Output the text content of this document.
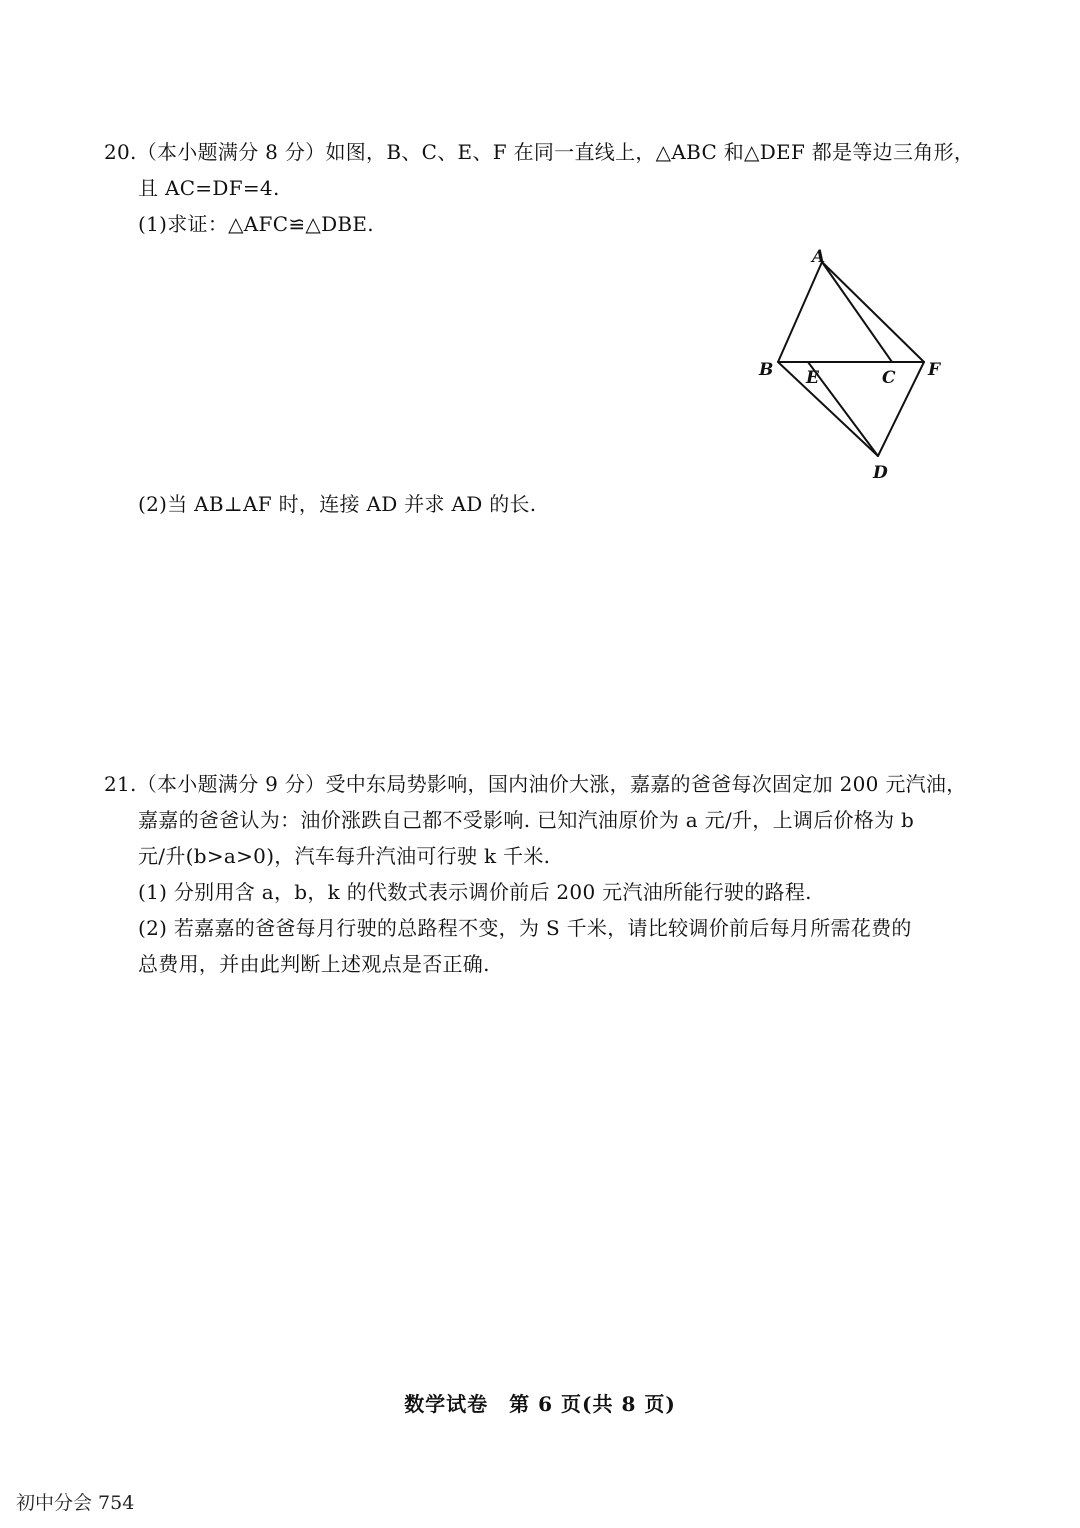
20.（本小题满分 8 分）如图，B、C、E、F 在同一直线上，△ABC 和△DEF 都是等边三角形，
且 AC=DF=4.
(1)求证：△AFC≌△DBE.
A
B E	C F
D
(2)当 AB⊥AF 时，连接 AD 并求 AD 的长.
21.（本小题满分 9 分）受中东局势影响，国内油价大涨，嘉嘉的爸爸每次固定加 200 元汽油，
嘉嘉的爸爸认为：油价涨跌自己都不受影响. 已知汽油原价为 a 元/升，上调后价格为 b
元/升(b>a>0)，汽车每升汽油可行驶 k 千米.
(1) 分别用含 a，b，k 的代数式表示调价前后 200 元汽油所能行驶的路程.
(2) 若嘉嘉的爸爸每月行驶的总路程不变，为 S 千米，请比较调价前后每月所需花费的
总费用，并由此判断上述观点是否正确.
数学试卷　第 6 页(共 8 页)
初中分会 754
